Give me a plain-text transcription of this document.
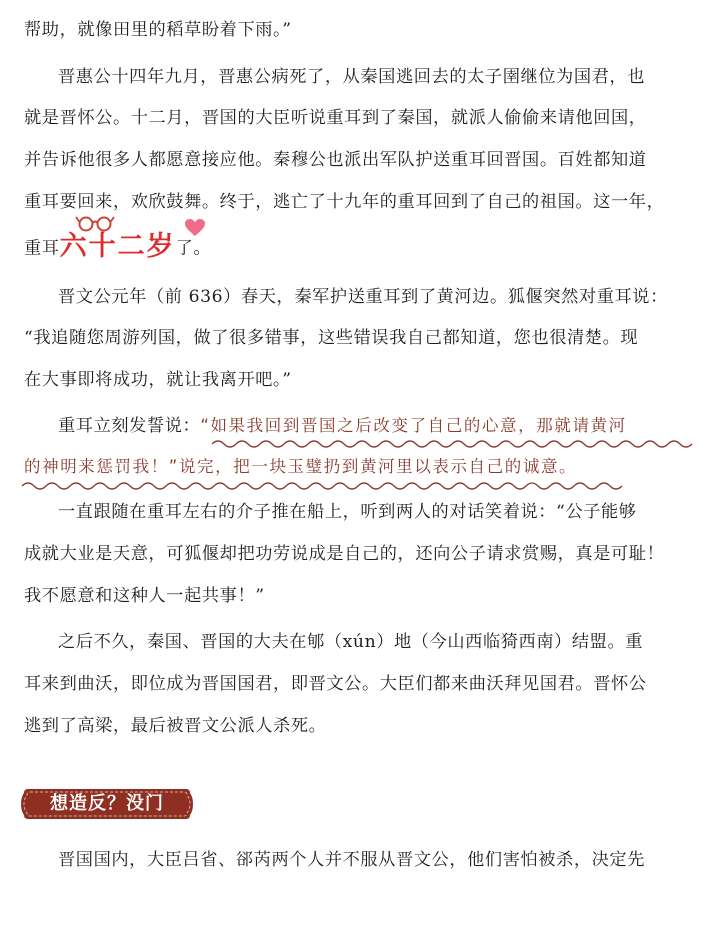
帮助，就像田里的稻草盼着下雨。”
晋惠公十四年九月，晋惠公病死了，从秦国逃回去的太子圉继位为国君，也
就是晋怀公。十二月，晋国的大臣听说重耳到了秦国，就派人偷偷来请他回国，
并告诉他很多人都愿意接应他。秦穆公也派出军队护送重耳回晋国。百姓都知道
重耳要回来，欢欣鼓舞。终于，逃亡了十九年的重耳回到了自己的祖国。这一年，
重耳六十二岁了。
晋文公元年（前 636）春天，秦军护送重耳到了黄河边。狐偃突然对重耳说：
“我追随您周游列国，做了很多错事，这些错误我自己都知道，您也很清楚。现
在大事即将成功，就让我离开吧。”
重耳立刻发誓说：“如果我回到晋国之后改变了自己的心意，那就请黄河
的神明来惩罚我！”说完，把一块玉璧扔到黄河里以表示自己的诚意。
一直跟随在重耳左右的介子推在船上，听到两人的对话笑着说：“公子能够
成就大业是天意，可狐偃却把功劳说成是自己的，还向公子请求赏赐，真是可耻！
我不愿意和这种人一起共事！”
之后不久，秦国、晋国的大夫在郇（xún）地（今山西临猗西南）结盟。重
耳来到曲沃，即位成为晋国国君，即晋文公。大臣们都来曲沃拜见国君。晋怀公
逃到了高梁，最后被晋文公派人杀死。
想造反？没门
晋国国内，大臣吕省、郤芮两个人并不服从晋文公，他们害怕被杀，决定先
